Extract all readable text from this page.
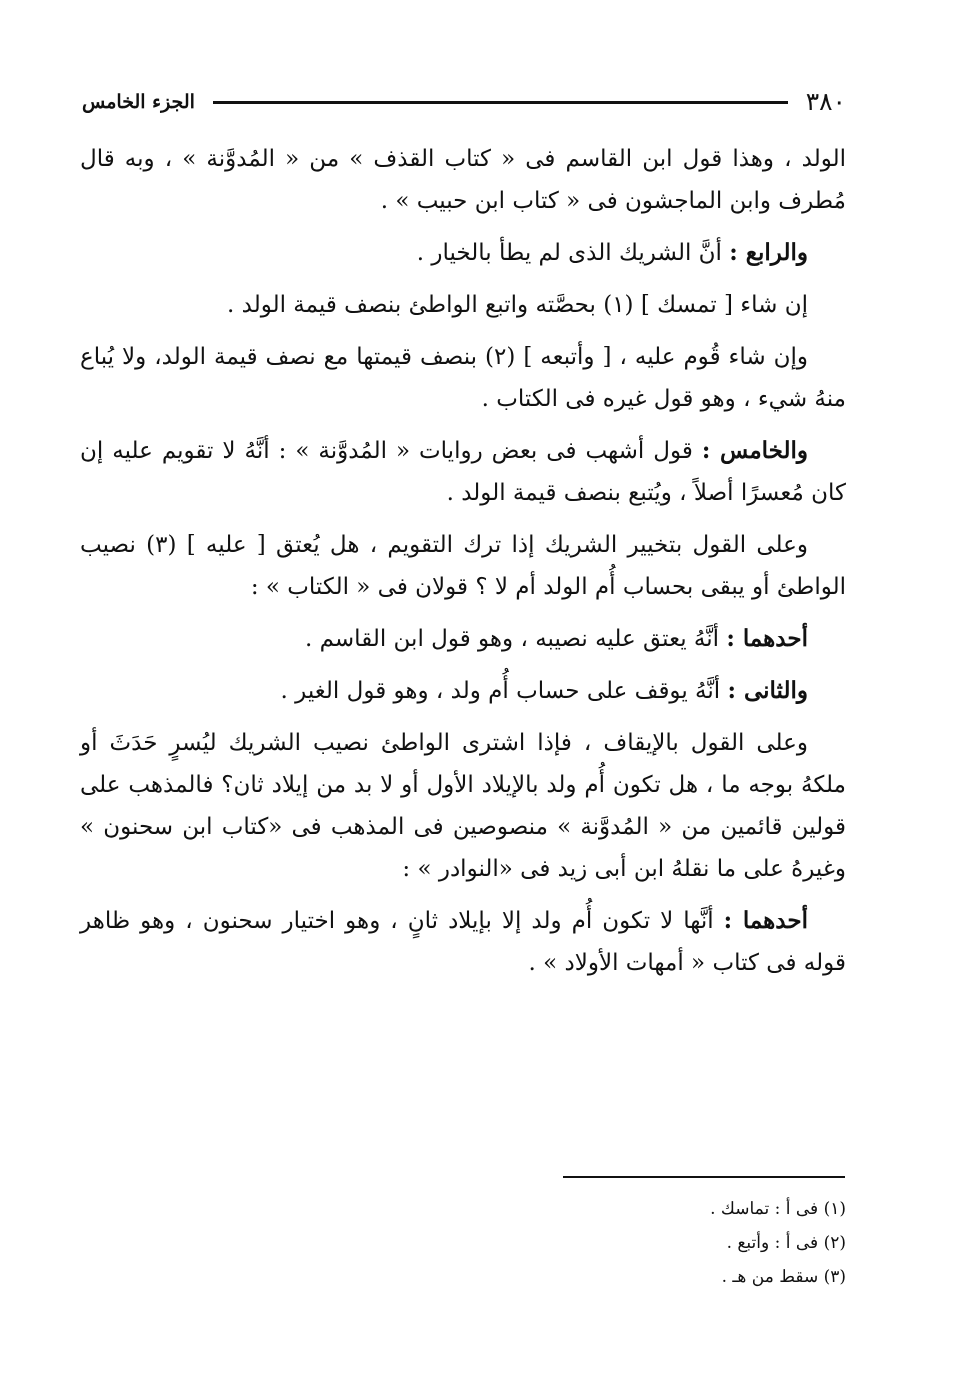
٣٨٠
الجزء الخامس

الولد ، وهذا قول ابن القاسم فى « كتاب القذف » من « المُدوَّنة » ، وبه قال مُطرف وابن الماجشون فى « كتاب ابن حبيب » .

والرابع : أنَّ الشريك الذى لم يطأ بالخيار .

إن شاء [ تمسك ] (١) بحصَّته واتبع الواطئ بنصف قيمة الولد .

وإن شاء قُوم عليه ، [ وأتبعه ] (٢) بنصف قيمتها مع نصف قيمة الولد، ولا يُباع منهُ شيء ، وهو قول غيره فى الكتاب .

والخامس : قول أشهب فى بعض روايات « المُدوَّنة » : أنَّهُ لا تقويم عليه إن كان مُعسرًا أصلاً ، ويُتبع بنصف قيمة الولد .

وعلى القول بتخيير الشريك إذا ترك التقويم ، هل يُعتق [ عليه ] (٣) نصيب الواطئ أو يبقى بحساب أُم الولد أم لا ؟ قولان فى « الكتاب » :

أحدهما : أنَّهُ يعتق عليه نصيبه ، وهو قول ابن القاسم .

والثانى : أنَّهُ يوقف على حساب أُم ولد ، وهو قول الغير .

وعلى القول بالإيقاف ، فإذا اشترى الواطئ نصيب الشريك ليُسرٍ حَدَثَ أو ملكهُ بوجه ما ، هل تكون أُم ولد بالإيلاد الأول أو لا بد من إيلاد ثان؟ فالمذهب على قولين قائمين من « المُدوَّنة » منصوصين فى المذهب فى «كتاب ابن سحنون » وغيرهُ على ما نقلهُ ابن أبى زيد فى «النوادر » :

أحدهما : أنَّها لا تكون أُم ولد إلا بإيلاد ثانٍ ، وهو اختيار سحنون ، وهو ظاهر قوله فى كتاب « أمهات الأولاد » .

(١) فى أ : تماسك .
(٢) فى أ : وأتبع .
(٣) سقط من هـ .
